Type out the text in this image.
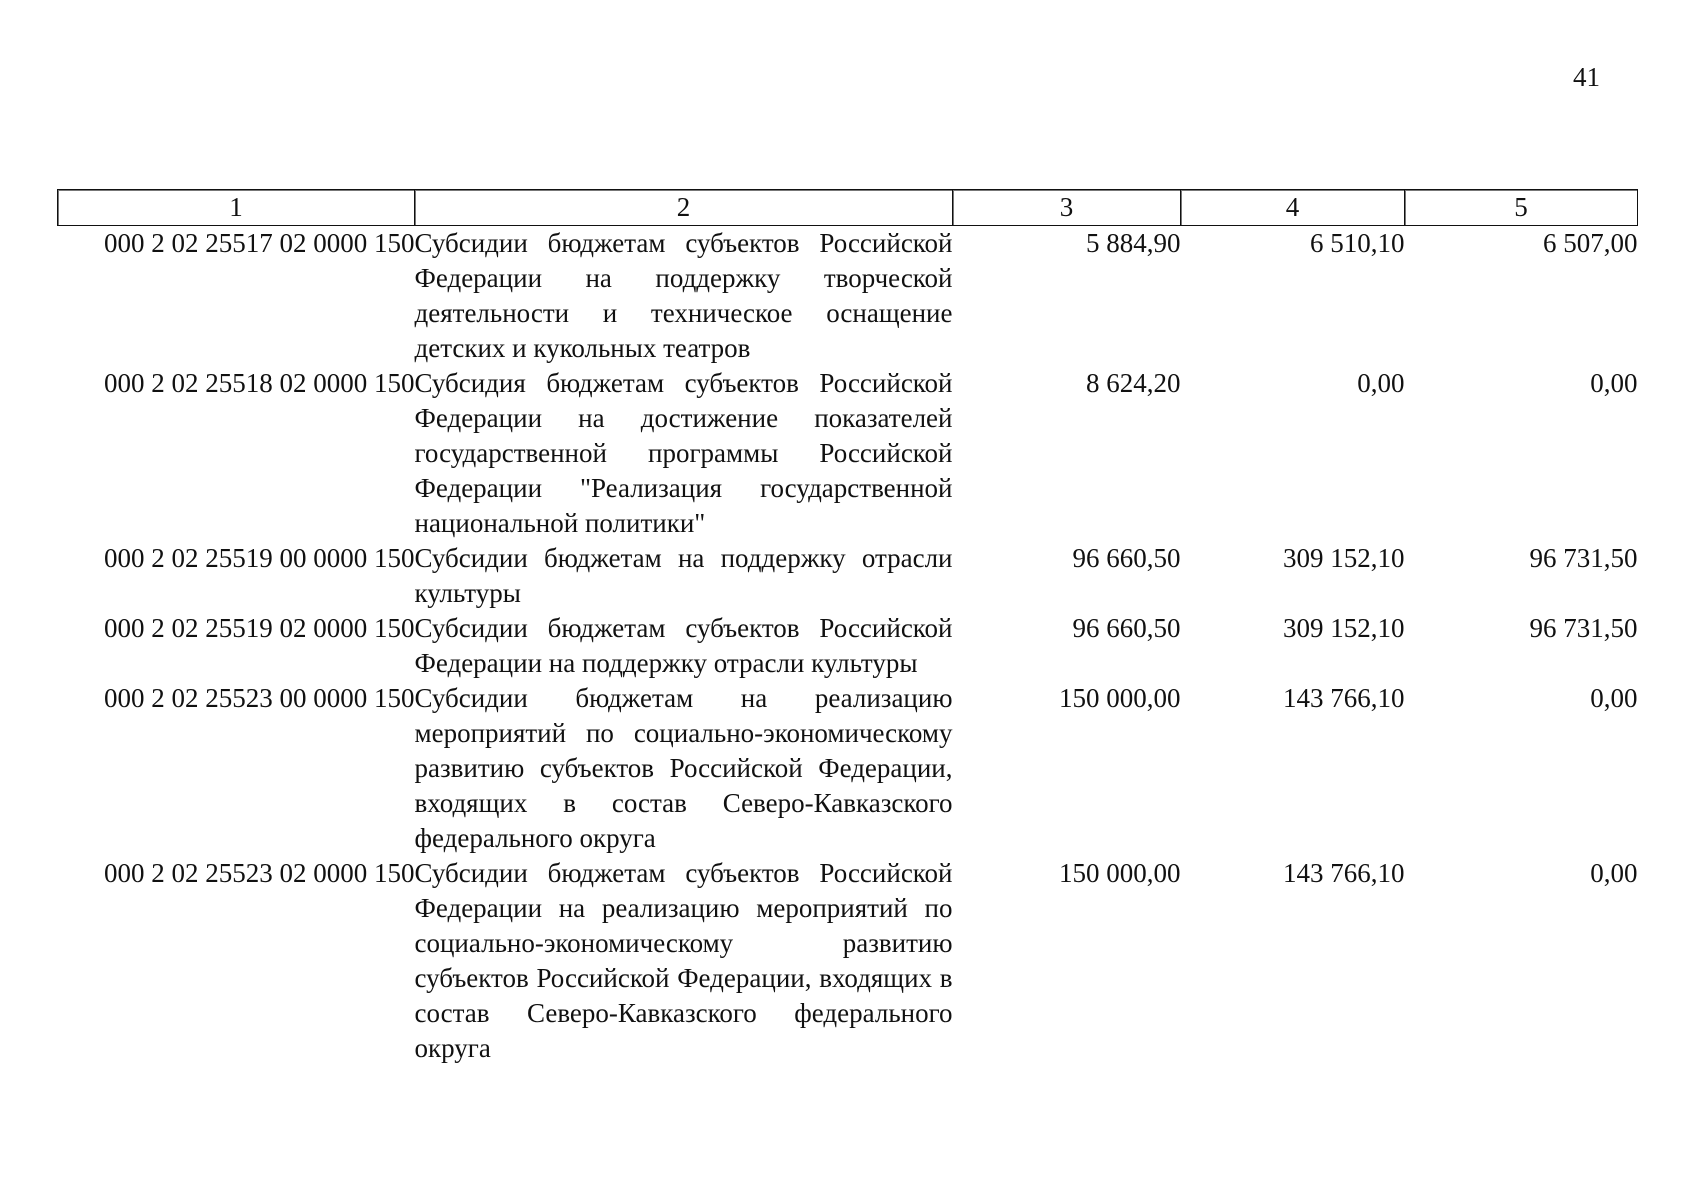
41
1	2	3	4	5
000 2 02 25517 02 0000 150	Субсидии бюджетам субъектов Российской Федерации на поддержку творческой деятельности и техническое оснащение детских и кукольных театров	5 884,90	6 510,10	6 507,00
000 2 02 25518 02 0000 150	Субсидия бюджетам субъектов Российской Федерации на достижение показателей государственной программы Российской Федерации "Реализация государственной национальной политики"	8 624,20	0,00	0,00
000 2 02 25519 00 0000 150	Субсидии бюджетам на поддержку отрасли культуры	96 660,50	309 152,10	96 731,50
000 2 02 25519 02 0000 150	Субсидии бюджетам субъектов Российской Федерации на поддержку отрасли культуры	96 660,50	309 152,10	96 731,50
000 2 02 25523 00 0000 150	Субсидии бюджетам на реализацию мероприятий по социально-экономическому развитию субъектов Российской Федерации, входящих в состав Северо-Кавказского федерального округа	150 000,00	143 766,10	0,00
000 2 02 25523 02 0000 150	Субсидии бюджетам субъектов Российской Федерации на реализацию мероприятий по социально-экономическому развитию субъектов Российской Федерации, входящих в состав Северо-Кавказского федерального округа	150 000,00	143 766,10	0,00
